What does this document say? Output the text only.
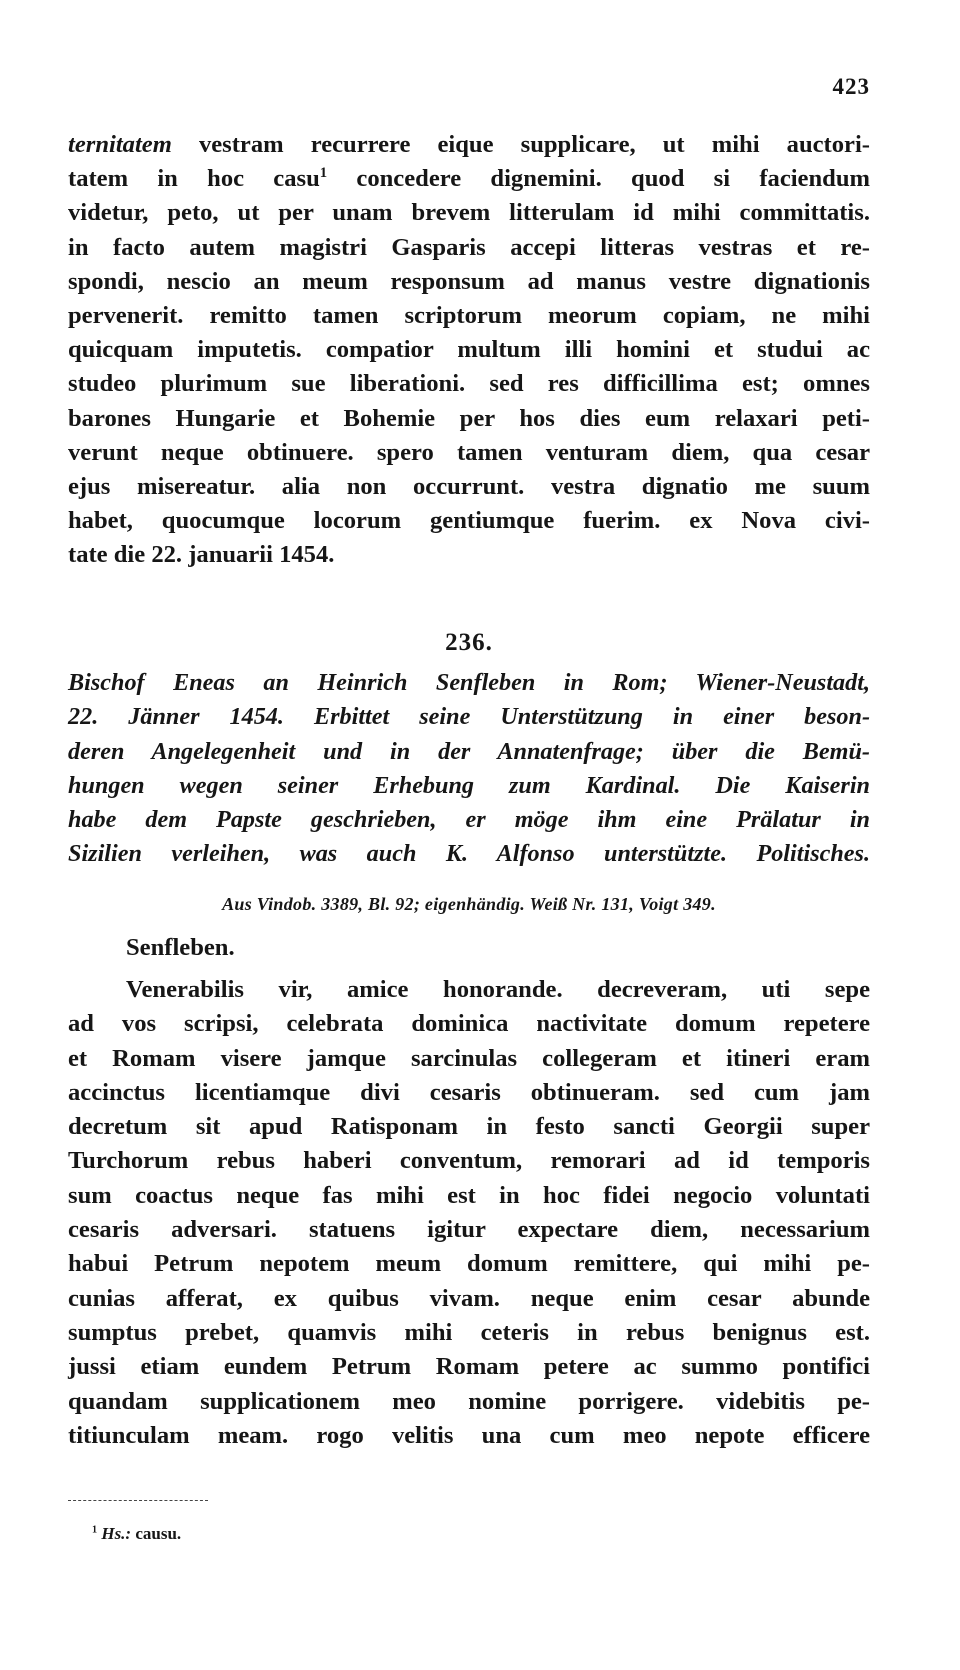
423
ternitatem vestram recurrere eique supplicare, ut mihi auctori-
tatem in hoc casu$^1$ concedere dignemini. quod si faciendum
videtur, peto, ut per unam brevem litterulam id mihi committatis.
in facto autem magistri Gasparis accepi litteras vestras et re-
spondi, nescio an meum responsum ad manus vestre dignationis
pervenerit. remitto tamen scriptorum meorum copiam, ne mihi
quicquam imputetis. compatior multum illi homini et studui ac
studeo plurimum sue liberationi. sed res difficillima est; omnes
barones Hungarie et Bohemie per hos dies eum relaxari peti-
verunt neque obtinuere. spero tamen venturam diem, qua cesar
ejus misereatur. alia non occurrunt. vestra dignatio me suum
habet, quocumque locorum gentiumque fuerim. ex Nova civi-
tate die 22. januarii 1454.
236.
Bischof Eneas an Heinrich Senfleben in Rom; Wiener-Neustadt,
22. Jänner 1454. Erbittet seine Unterstützung in einer beson-
deren Angelegenheit und in der Annatenfrage; über die Bemü-
hungen wegen seiner Erhebung zum Kardinal. Die Kaiserin
habe dem Papste geschrieben, er möge ihm eine Prälatur in
Sizilien verleihen, was auch K. Alfonso unterstützte. Politisches.
Aus Vindob. 3389, Bl. 92; eigenhändig. Weiß Nr. 131, Voigt 349.
Senfleben.
Venerabilis vir, amice honorande. decreveram, uti sepe
ad vos scripsi, celebrata dominica nactivitate domum repetere
et Romam visere jamque sarcinulas collegeram et itineri eram
accinctus licentiamque divi cesaris obtinueram. sed cum jam
decretum sit apud Ratisponam in festo sancti Georgii super
Turchorum rebus haberi conventum, remorari ad id temporis
sum coactus neque fas mihi est in hoc fidei negocio voluntati
cesaris adversari. statuens igitur expectare diem, necessarium
habui Petrum nepotem meum domum remittere, qui mihi pe-
cunias afferat, ex quibus vivam. neque enim cesar abunde
sumptus prebet, quamvis mihi ceteris in rebus benignus est.
jussi etiam eundem Petrum Romam petere ac summo pontifici
quandam supplicationem meo nomine porrigere. videbitis pe-
titiunculam meam. rogo velitis una cum meo nepote efficere
$^1$ Hs.: causu.
